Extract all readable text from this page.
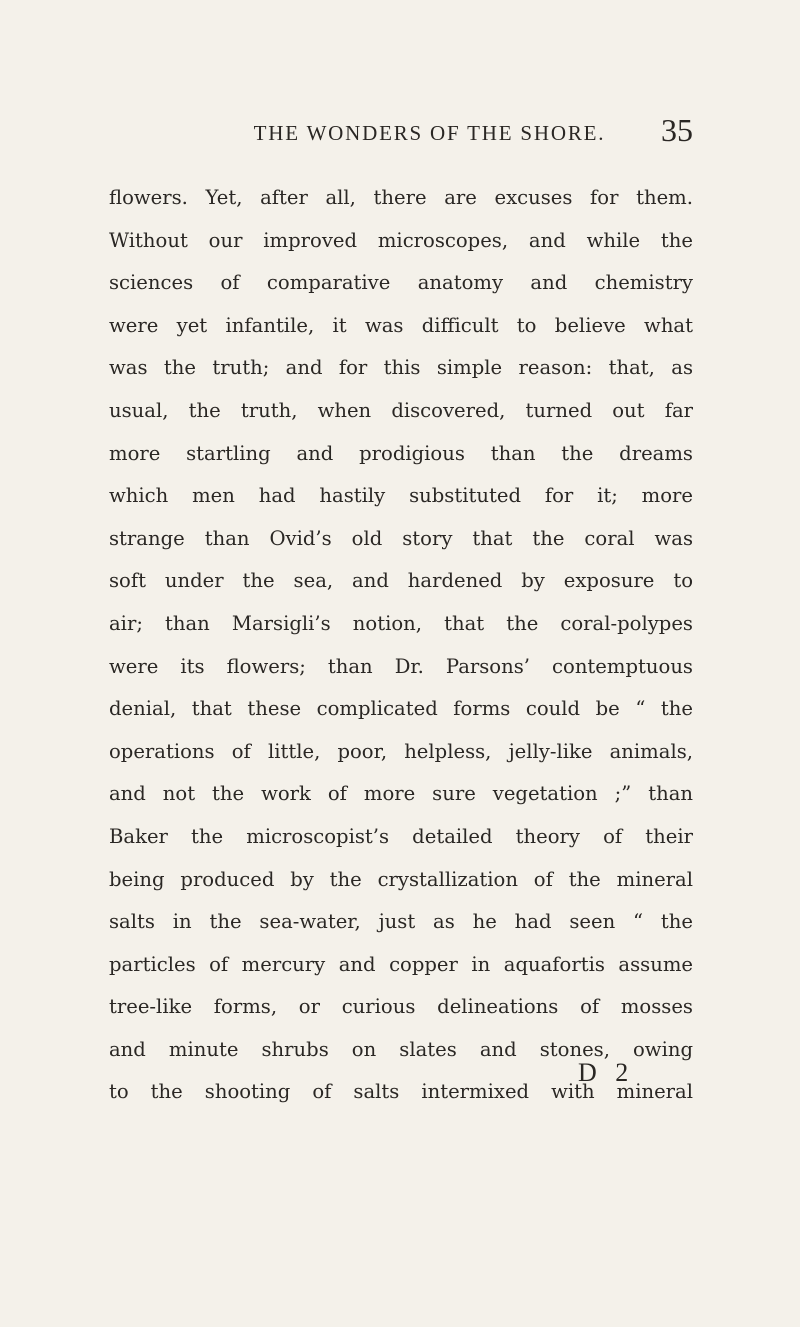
THE WONDERS OF THE SHORE.	35
flowers. Yet, after all, there are excuses for them.
Without our improved microscopes, and while the
sciences of comparative anatomy and chemistry
were yet infantile, it was difficult to believe what
was the truth; and for this simple reason: that, as
usual, the truth, when discovered, turned out far
more startling and prodigious than the dreams
which men had hastily substituted for it; more
strange than Ovid’s old story that the coral was
soft under the sea, and hardened by exposure to
air; than Marsigli’s notion, that the coral-polypes
were its flowers; than Dr. Parsons’ contemptuous
denial, that these complicated forms could be “ the
operations of little, poor, helpless, jelly-like animals,
and not the work of more sure vegetation ;” than
Baker the microscopist’s detailed theory of their
being produced by the crystallization of the mineral
salts in the sea-water, just as he had seen “ the
particles of mercury and copper in aquafortis assume
tree-like forms, or curious delineations of mosses
and minute shrubs on slates and stones, owing
to the shooting of salts intermixed with mineral
D 2
